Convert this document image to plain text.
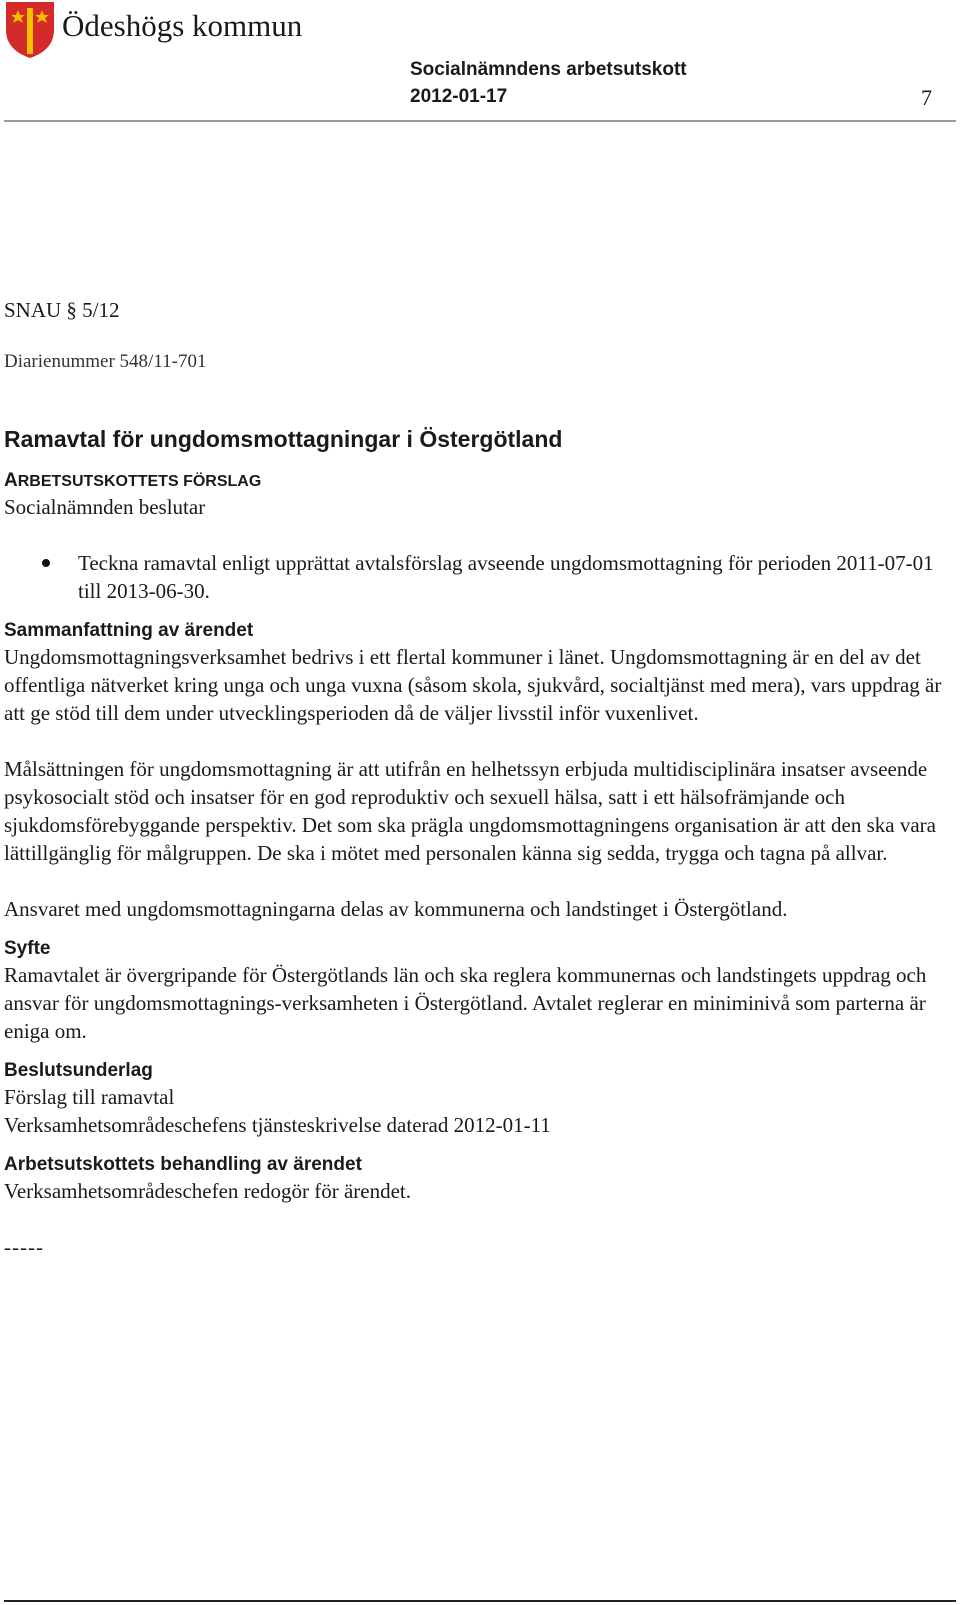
Ödeshögs kommun
Socialnämndens arbetsutskott
2012-01-17	7

SNAU § 5/12

Diarienummer 548/11-701

Ramavtal för ungdomsmottagningar i Östergötland
ARBETSUTSKOTTETS FÖRSLAG

Socialnämnden beslutar

Teckna ramavtal enligt upprättat avtalsförslag avseende ungdomsmottagning för perioden 2011-07-01 till 2013-06-30.
Sammanfattning av ärendet

Ungdomsmottagningsverksamhet bedrivs i ett flertal kommuner i länet. Ungdomsmottagning är en del av det offentliga nätverket kring unga och unga vuxna (såsom skola, sjukvård, socialtjänst med mera), vars uppdrag är att ge stöd till dem under utvecklingsperioden då de väljer livsstil inför vuxenlivet.

Målsättningen för ungdomsmottagning är att utifrån en helhetssyn erbjuda multidisciplinära insatser avseende psykosocialt stöd och insatser för en god reproduktiv och sexuell hälsa, satt i ett hälsofrämjande och sjukdomsförebyggande perspektiv. Det som ska prägla ungdomsmottagningens organisation är att den ska vara lättillgänglig för målgruppen. De ska i mötet med personalen känna sig sedda, trygga och tagna på allvar.

Ansvaret med ungdomsmottagningarna delas av kommunerna och landstinget i Östergötland.

Syfte

Ramavtalet är övergripande för Östergötlands län och ska reglera kommunernas och landstingets uppdrag och ansvar för ungdomsmottagnings-verksamheten i Östergötland. Avtalet reglerar en miniminivå som parterna är eniga om.

Beslutsunderlag

Förslag till ramavtal

Verksamhetsområdeschefens tjänsteskrivelse daterad 2012-01-11

Arbetsutskottets behandling av ärendet

Verksamhetsområdeschefen redogör för ärendet.

-----
